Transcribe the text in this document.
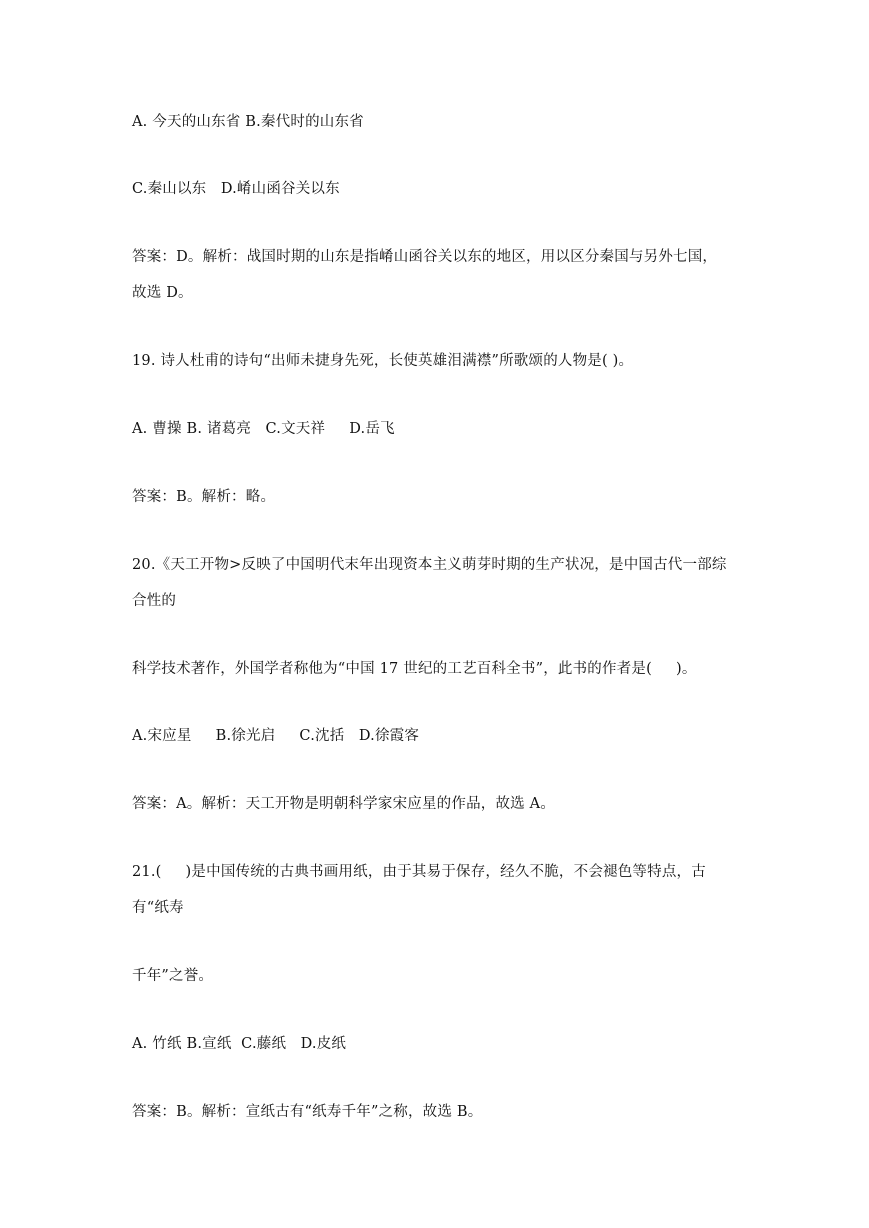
A. 今天的山东省 B.秦代时的山东省
C.秦山以东   D.崤山函谷关以东
答案：D。解析：战国时期的山东是指崤山函谷关以东的地区，用以区分秦国与另外七国，
故选 D。
19. 诗人杜甫的诗句“出师未捷身先死，长使英雄泪满襟”所歌颂的人物是( )。
A. 曹操 B. 诸葛亮   C.文天祥     D.岳飞
答案：B。解析：略。
20.《天工开物>反映了中国明代末年出现资本主义萌芽时期的生产状况，是中国古代一部综
合性的
科学技术著作，外国学者称他为“中国 17 世纪的工艺百科全书”，此书的作者是(     )。
A.宋应星     B.徐光启     C.沈括   D.徐霞客
答案：A。解析：天工开物是明朝科学家宋应星的作品，故选 A。
21.(     )是中国传统的古典书画用纸，由于其易于保存，经久不脆，不会褪色等特点，古
有“纸寿
千年”之誉。
A. 竹纸 B.宣纸  C.藤纸   D.皮纸
答案：B。解析：宣纸古有“纸寿千年”之称，故选 B。
